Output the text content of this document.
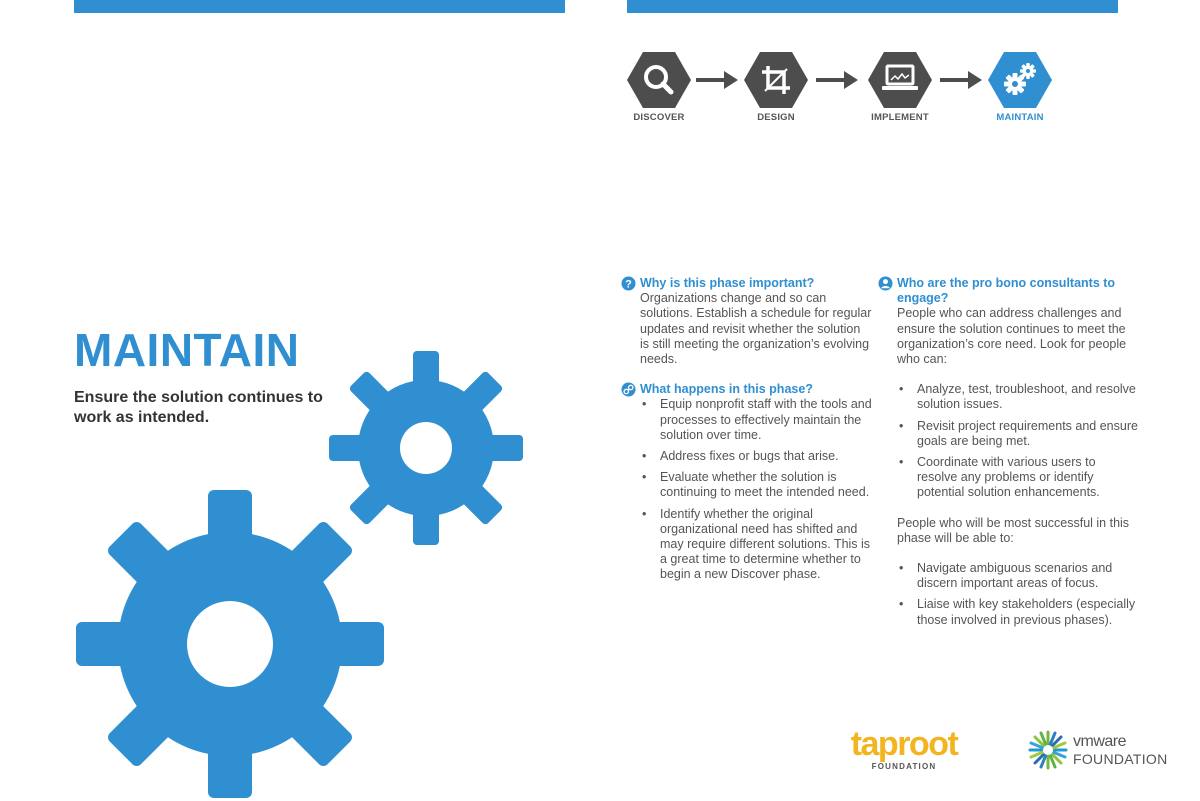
DISCOVER	DESIGN	IMPLEMENT	MAINTAIN
MAINTAIN

Ensure the solution continues to work as intended.

? Why is this phase important?

Organizations change and so can solutions. Establish a schedule for regular updates and revisit whether the solution is still meeting the organization’s evolving needs.

What happens in this phase?
• Equip nonprofit staff with the tools and processes to effectively maintain the solution over time.
• Address fixes or bugs that arise.
• Evaluate whether the solution is continuing to meet the intended need.
• Identify whether the original organizational need has shifted and may require different solutions. This is a great time to determine whether to begin a new Discover phase.
Who are the pro bono consultants to engage?

People who can address challenges and ensure the solution continues to meet the organization’s core need. Look for people who can:

• Analyze, test, troubleshoot, and resolve solution issues.
• Revisit project requirements and ensure goals are being met.
• Coordinate with various users to resolve any problems or identify potential solution enhancements.

People who will be most successful in this phase will be able to:

• Navigate ambiguous scenarios and discern important areas of focus.
• Liaise with key stakeholders (especially those involved in previous phases).
taproot
FOUNDATION
vmware
FOUNDATION
